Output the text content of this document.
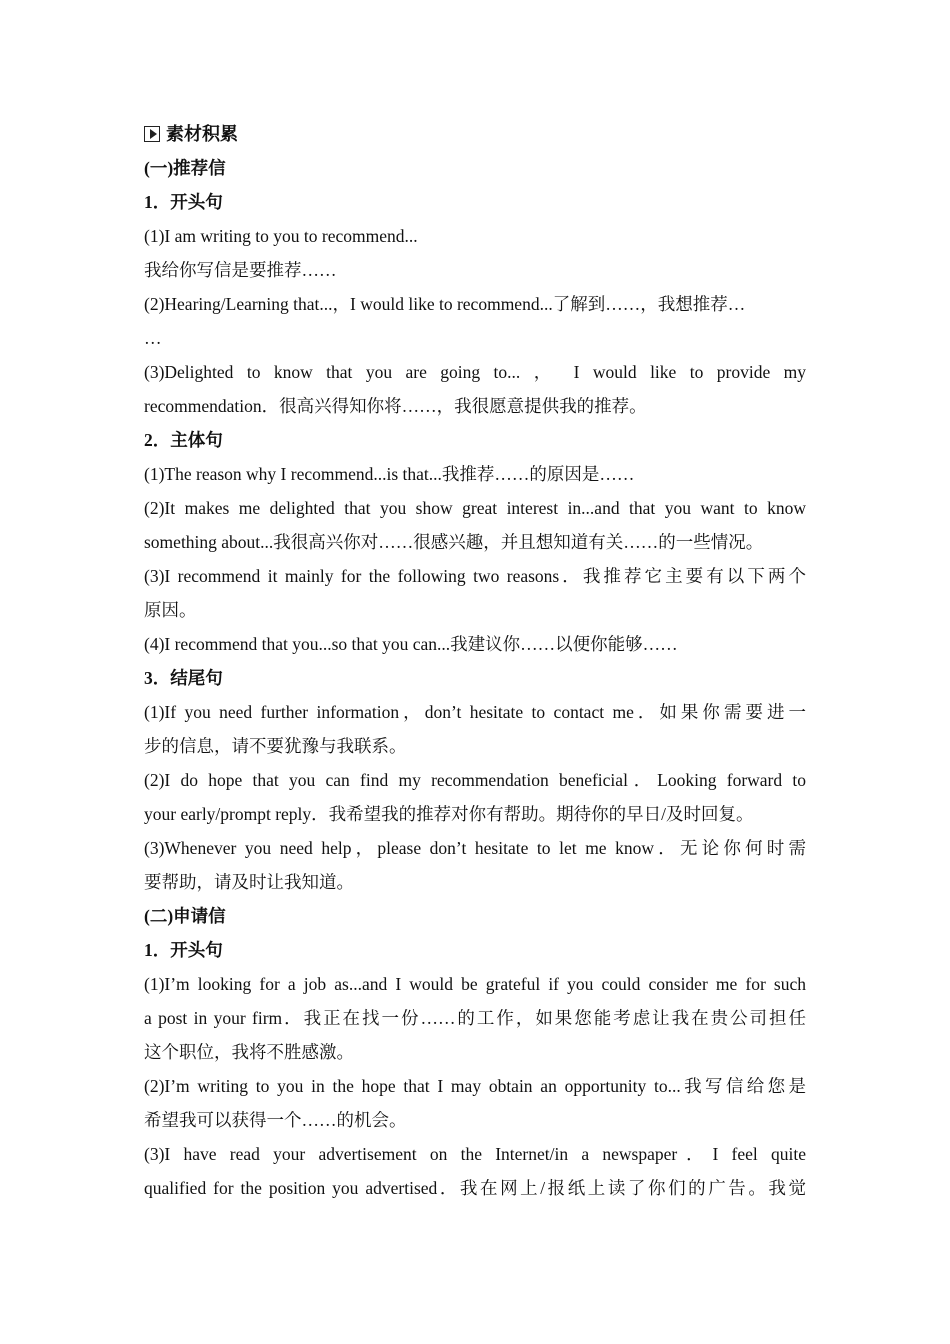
素材积累
(一)推荐信
1．开头句
(1)I am writing to you to recommend...
我给你写信是要推荐……
(2)Hearing/Learning that...，I would like to recommend...了解到……，我想推荐…
…
(3)Delighted to know that you are going to... ， I would like to provide my
recommendation．很高兴得知你将……，我很愿意提供我的推荐。
2．主体句
(1)The reason why I recommend...is that...我推荐……的原因是……
(2)It makes me delighted that you show great interest in...and that you want to know
something about...我很高兴你对……很感兴趣，并且想知道有关……的一些情况。
(3)I recommend it mainly for the following two reasons．我推荐它主要有以下两个
原因。
(4)I recommend that you...so that you can...我建议你……以便你能够……
3．结尾句
(1)If you need further information，don’t hesitate to contact me．如果你需要进一
步的信息，请不要犹豫与我联系。
(2)I do hope that you can find my recommendation beneficial．Looking forward to
your early/prompt reply．我希望我的推荐对你有帮助。期待你的早日/及时回复。
(3)Whenever you need help，please don’t hesitate to let me know．无论你何时需
要帮助，请及时让我知道。
(二)申请信
1．开头句
(1)I’m looking for a job as...and I would be grateful if you could consider me for such
a post in your firm．我正在找一份……的工作，如果您能考虑让我在贵公司担任
这个职位，我将不胜感激。
(2)I’m writing to you in the hope that I may obtain an opportunity to...我写信给您是
希望我可以获得一个……的机会。
(3)I have read your advertisement on the Internet/in a newspaper．I feel quite
qualified for the position you advertised．我在网上/报纸上读了你们的广告。我觉
